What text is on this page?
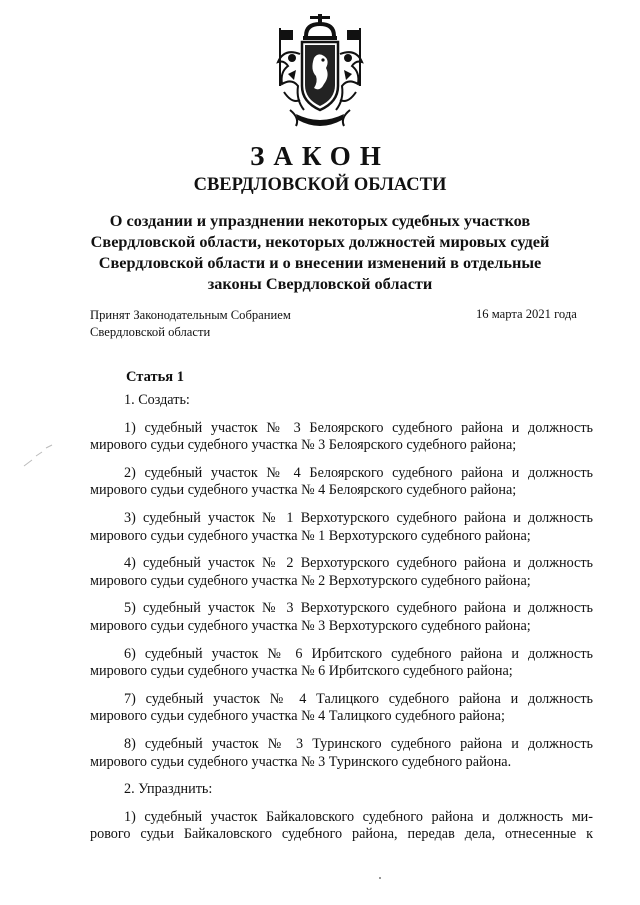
ЗАКОН
СВЕРДЛОВСКОЙ ОБЛАСТИ
О создании и упразднении некоторых судебных участков
Свердловской области, некоторых должностей мировых судей
Свердловской области и о внесении изменений в отдельные
законы Свердловской области
Принят Законодательным Собранием
Свердловской области
16 марта 2021 года
Статья 1
1. Создать:
1) судебный участок № 3 Белоярского судебного района и должность
мирового судьи судебного участка № 3 Белоярского судебного района;
2) судебный участок № 4 Белоярского судебного района и должность
мирового судьи судебного участка № 4 Белоярского судебного района;
3) судебный участок № 1 Верхотурского судебного района и должность
мирового судьи судебного участка № 1 Верхотурского судебного района;
4) судебный участок № 2 Верхотурского судебного района и должность
мирового судьи судебного участка № 2 Верхотурского судебного района;
5) судебный участок № 3 Верхотурского судебного района и должность
мирового судьи судебного участка № 3 Верхотурского судебного района;
6) судебный участок № 6 Ирбитского судебного района и должность
мирового судьи судебного участка № 6 Ирбитского судебного района;
7) судебный участок № 4 Талицкого судебного района и должность
мирового судьи судебного участка № 4 Талицкого судебного района;
8) судебный участок № 3 Туринского судебного района и должность
мирового судьи судебного участка № 3 Туринского судебного района.
2. Упразднить:
1) судебный участок Байкаловского судебного района и должность ми-
рового судьи Байкаловского судебного района, передав дела, отнесенные к
